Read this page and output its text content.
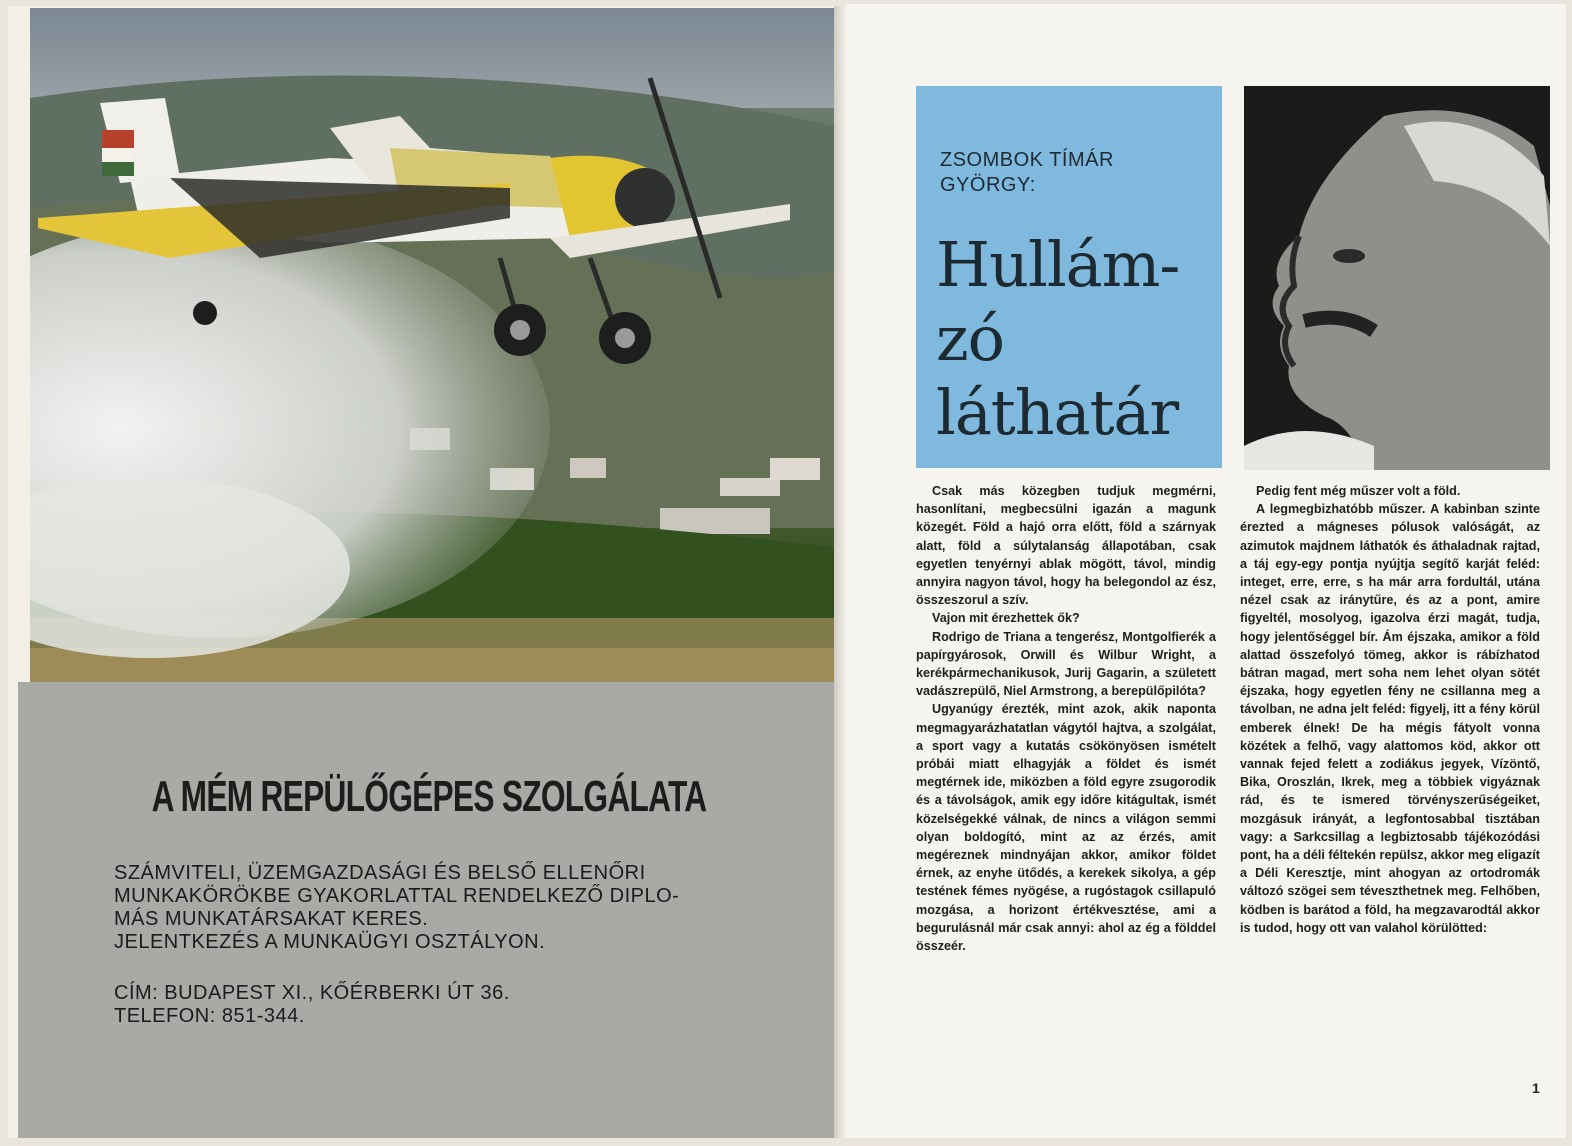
A MÉM REPÜLŐGÉPES SZOLGÁLATA

SZÁMVITELI, ÜZEMGAZDASÁGI ÉS BELSŐ ELLENŐRI

MUNKAKÖRÖKBE GYAKORLATTAL RENDELKEZŐ DIPLO-

MÁS MUNKATÁRSAKAT KERES.

JELENTKEZÉS A MUNKAÜGYI OSZTÁLYON.

CÍM: BUDAPEST XI., KŐÉRBERKI ÚT 36.

TELEFON: 851-344.

ZSOMBOK TÍMÁR
GYÖRGY:
Hullám-
zó
láthatár

Csak más közegben tudjuk megmérni, hasonlítani, megbecsülni igazán a magunk közegét. Föld a hajó orra előtt, föld a szárnyak alatt, föld a súlytalanság állapotában, csak egyetlen tenyérnyi ablak mögött, távol, mindig annyira nagyon távol, hogy ha belegondol az ész, összeszorul a szív.

Vajon mit érezhettek ők?

Rodrigo de Triana a tengerész, Montgolfierék a papírgyárosok, Orwill és Wilbur Wright, a kerékpármechanikusok, Jurij Gagarin, a született vadászrepülő, Niel Armstrong, a berepülőpilóta?

Ugyanúgy érezték, mint azok, akik naponta megmagyarázhatatlan vágytól hajtva, a szolgálat, a sport vagy a kutatás csökönyösen ismételt próbái miatt elhagyják a földet és ismét megtérnek ide, miközben a föld egyre zsugorodik és a távolságok, amik egy időre kitágultak, ismét közelségekké válnak, de nincs a világon semmi olyan boldogító, mint az az érzés, amit megéreznek mindnyájan akkor, amikor földet érnek, az enyhe ütődés, a kerekek sikolya, a gép testének fémes nyögése, a rugóstagok csillapuló mozgása, a horizont értékvesztése, ami a begurulásnál már csak annyi: ahol az ég a földdel összeér.

Pedig fent még műszer volt a föld.

A legmegbizhatóbb műszer. A kabinban szinte érezted a mágneses pólusok valóságát, az azimutok majdnem láthatók és áthaladnak rajtad, a táj egy-egy pontja nyújtja segítő karját feléd: integet, erre, erre, s ha már arra fordultál, utána nézel csak az iránytűre, és az a pont, amire figyeltél, mosolyog, igazolva érzi magát, tudja, hogy jelentőséggel bír. Ám éjszaka, amikor a föld alattad összefolyó tömeg, akkor is rábízhatod bátran magad, mert soha nem lehet olyan sötét éjszaka, hogy egyetlen fény ne csillanna meg a távolban, ne adna jelt feléd: figyelj, itt a fény körül emberek élnek! De ha mégis fátyolt vonna közétek a felhő, vagy alattomos köd, akkor ott vannak fejed felett a zodiákus jegyek, Vízöntő, Bika, Oroszlán, Ikrek, meg a többiek vigyáznak rád, és te ismered törvényszerűségeiket, mozgásuk irányát, a legfontosabbal tisztában vagy: a Sarkcsillag a legbiztosabb tájékozódási pont, ha a déli féltekén repülsz, akkor meg eligazít a Déli Keresztje, mint ahogyan az ortodromák változó szögei sem téveszthetnek meg. Felhőben, ködben is barátod a föld, ha megzavarodtál akkor is tudod, hogy ott van valahol körülötted:

1
